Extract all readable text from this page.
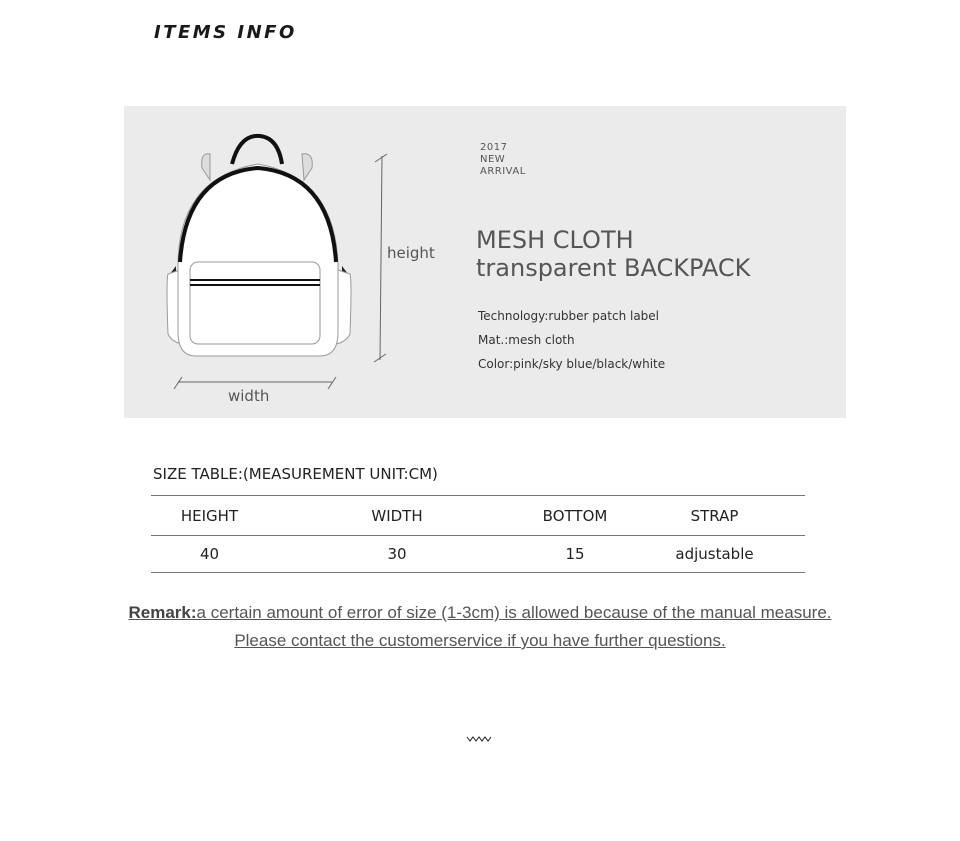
ITEMS INFO
height
width
2017
NEW
ARRIVAL
MESH CLOTH
transparent BACKPACK
Technology:rubber patch label
Mat.:mesh cloth
Color:pink/sky blue/black/white
SIZE TABLE:(MEASUREMENT UNIT:CM)
HEIGHT	WIDTH	BOTTOM	STRAP
40	30	15	adjustable
Remark:a certain amount of error of size (1-3cm) is allowed because of the manual measure.
Please contact the customerservice if you have further questions.
